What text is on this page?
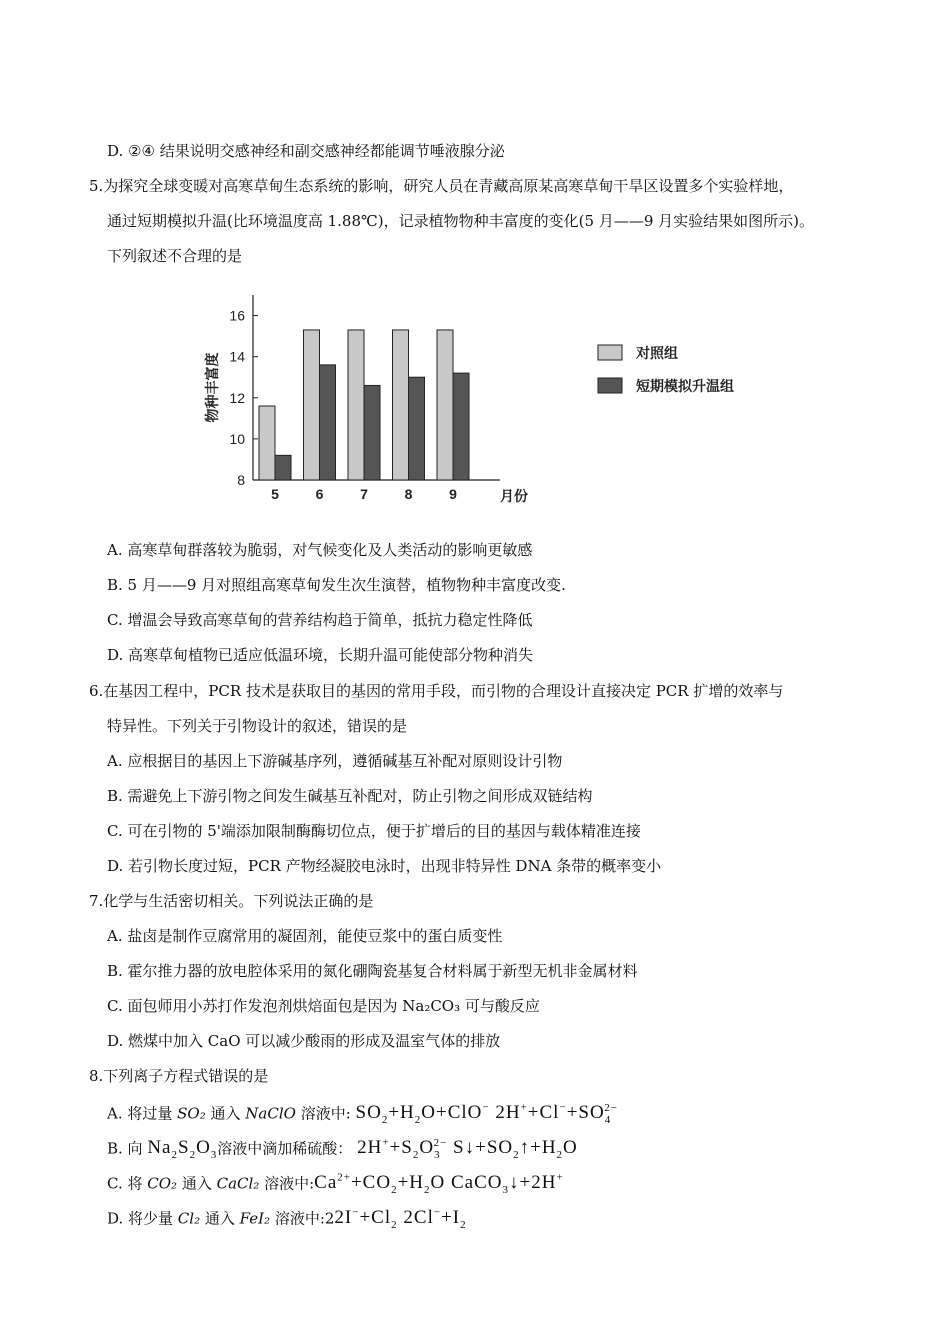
D. ②④ 结果说明交感神经和副交感神经都能调节唾液腺分泌
5.为探究全球变暖对高寒草甸生态系统的影响，研究人员在青藏高原某高寒草甸干旱区设置多个实验样地，
通过短期模拟升温(比环境温度高 1.88℃)，记录植物物种丰富度的变化(5 月——9 月实验结果如图所示)。
下列叙述不合理的是
8
10
12
14
16
物种丰富度
5	6	7	8	9	月份
对照组
短期模拟升温组
A. 高寒草甸群落较为脆弱，对气候变化及人类活动的影响更敏感
B. 5 月——9 月对照组高寒草甸发生次生演替，植物物种丰富度改变.
C. 增温会导致高寒草甸的营养结构趋于简单，抵抗力稳定性降低
D. 高寒草甸植物已适应低温环境，长期升温可能使部分物种消失
6.在基因工程中，PCR 技术是获取目的基因的常用手段，而引物的合理设计直接决定 PCR 扩增的效率与
特异性。下列关于引物设计的叙述，错误的是
A. 应根据目的基因上下游碱基序列，遵循碱基互补配对原则设计引物
B. 需避免上下游引物之间发生碱基互补配对，防止引物之间形成双链结构
C. 可在引物的 5'端添加限制酶酶切位点，便于扩增后的目的基因与载体精准连接
D. 若引物长度过短，PCR 产物经凝胶电泳时，出现非特异性 DNA 条带的概率变小
7.化学与生活密切相关。下列说法正确的是
A. 盐卤是制作豆腐常用的凝固剂，能使豆浆中的蛋白质变性
B. 霍尔推力器的放电腔体采用的氮化硼陶瓷基复合材料属于新型无机非金属材料
C. 面包师用小苏打作发泡剂烘焙面包是因为 Na₂CO₃ 可与酸反应
D. 燃煤中加入 CaO 可以减少酸雨的形成及温室气体的排放
8.下列离子方程式错误的是
A. 将过量 SO₂ 通入 NaClO 溶液中: $SO_2+H_2O+ClO^-$ $2H^++Cl^-+SO_4^{2-}$
B. 向 $Na_2S_2O_3$溶液中滴加稀硫酸： $2H^++S_2O_3^{2-}$ $S↓+SO_2↑+H_2O$
C. 将 CO₂ 通入 CaCl₂ 溶液中$:Ca^{2+}+CO_2+H_2O$ CaCO$_3$↓+2H+
D. 将少量 Cl₂ 通入 FeI₂ 溶液中$:22I^-+Cl_2$ $2Cl^-+I_2$
